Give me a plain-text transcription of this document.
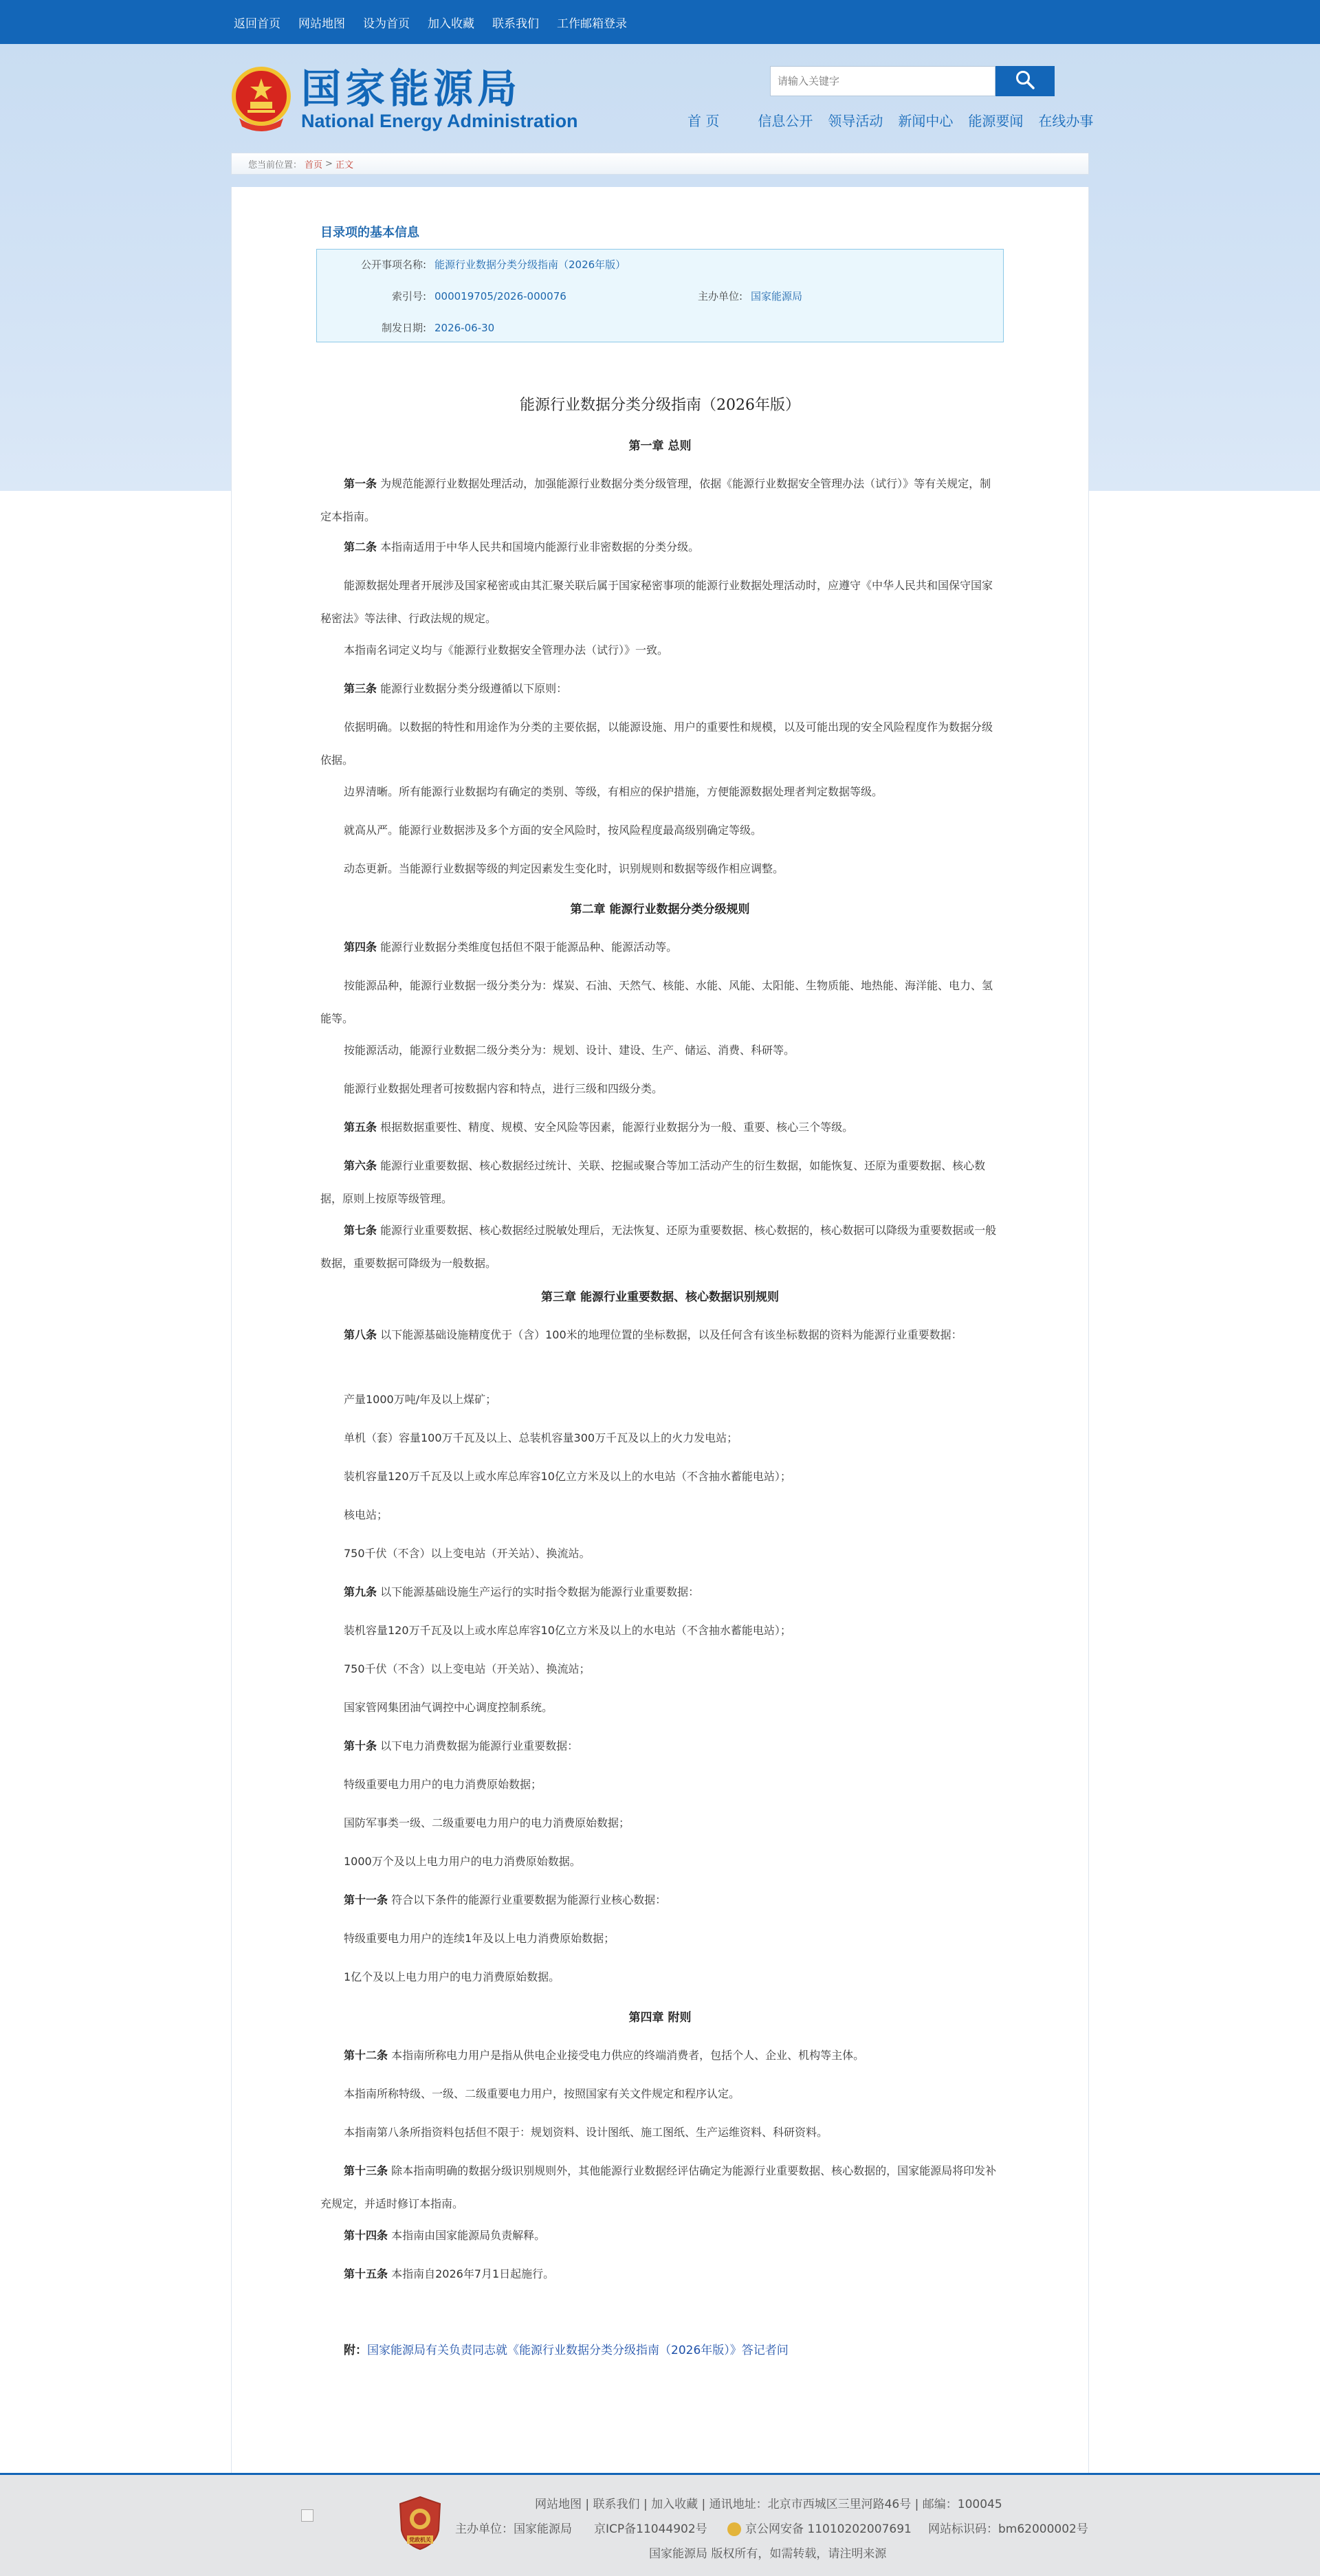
返回首页 网站地图 设为首页 加入收藏 联系我们 工作邮箱登录
国家能源局
National Energy Administration
请输入关键字	首 页	信息公开 领导活动 新闻中心 能源要闻 在线办事
您当前位置： 首页 > 正文
目录项的基本信息
公开事项名称: 能源行业数据分类分级指南（2026年版）
索引号: 000019705/2026-000076	主办单位: 国家能源局
制发日期: 2026-06-30
能源行业数据分类分级指南（2026年版）
第一章 总则
第一条 为规范能源行业数据处理活动，加强能源行业数据分类分级管理，依据《能源行业数据安全管理办法（试行）》等有关规定，制定本指南。
第二条 本指南适用于中华人民共和国境内能源行业非密数据的分类分级。
能源数据处理者开展涉及国家秘密或由其汇聚关联后属于国家秘密事项的能源行业数据处理活动时，应遵守《中华人民共和国保守国家秘密法》等法律、行政法规的规定。
本指南名词定义均与《能源行业数据安全管理办法（试行）》一致。
第三条 能源行业数据分类分级遵循以下原则：
依据明确。以数据的特性和用途作为分类的主要依据，以能源设施、用户的重要性和规模，以及可能出现的安全风险程度作为数据分级依据。
边界清晰。所有能源行业数据均有确定的类别、等级，有相应的保护措施，方便能源数据处理者判定数据等级。
就高从严。能源行业数据涉及多个方面的安全风险时，按风险程度最高级别确定等级。
动态更新。当能源行业数据等级的判定因素发生变化时，识别规则和数据等级作相应调整。
第二章 能源行业数据分类分级规则
第四条 能源行业数据分类维度包括但不限于能源品种、能源活动等。
按能源品种，能源行业数据一级分类分为：煤炭、石油、天然气、核能、水能、风能、太阳能、生物质能、地热能、海洋能、电力、氢能等。
按能源活动，能源行业数据二级分类分为：规划、设计、建设、生产、储运、消费、科研等。
能源行业数据处理者可按数据内容和特点，进行三级和四级分类。
第五条 根据数据重要性、精度、规模、安全风险等因素，能源行业数据分为一般、重要、核心三个等级。
第六条 能源行业重要数据、核心数据经过统计、关联、挖掘或聚合等加工活动产生的衍生数据，如能恢复、还原为重要数据、核心数据，原则上按原等级管理。
第七条 能源行业重要数据、核心数据经过脱敏处理后，无法恢复、还原为重要数据、核心数据的，核心数据可以降级为重要数据或一般数据，重要数据可降级为一般数据。
第三章 能源行业重要数据、核心数据识别规则
第八条 以下能源基础设施精度优于（含）100米的地理位置的坐标数据，以及任何含有该坐标数据的资料为能源行业重要数据：
产量1000万吨/年及以上煤矿；
单机（套）容量100万千瓦及以上、总装机容量300万千瓦及以上的火力发电站；
装机容量120万千瓦及以上或水库总库容10亿立方米及以上的水电站（不含抽水蓄能电站）；
核电站；
750千伏（不含）以上变电站（开关站）、换流站。
第九条 以下能源基础设施生产运行的实时指令数据为能源行业重要数据：
装机容量120万千瓦及以上或水库总库容10亿立方米及以上的水电站（不含抽水蓄能电站）；
750千伏（不含）以上变电站（开关站）、换流站；
国家管网集团油气调控中心调度控制系统。
第十条 以下电力消费数据为能源行业重要数据：
特级重要电力用户的电力消费原始数据；
国防军事类一级、二级重要电力用户的电力消费原始数据；
1000万个及以上电力用户的电力消费原始数据。
第十一条 符合以下条件的能源行业重要数据为能源行业核心数据：
特级重要电力用户的连续1年及以上电力消费原始数据；
1亿个及以上电力用户的电力消费原始数据。
第四章 附则
第十二条 本指南所称电力用户是指从供电企业接受电力供应的终端消费者，包括个人、企业、机构等主体。
本指南所称特级、一级、二级重要电力用户，按照国家有关文件规定和程序认定。
本指南第八条所指资料包括但不限于：规划资料、设计图纸、施工图纸、生产运维资料、科研资料。
第十三条 除本指南明确的数据分级识别规则外，其他能源行业数据经评估确定为能源行业重要数据、核心数据的，国家能源局将印发补充规定，并适时修订本指南。
第十四条 本指南由国家能源局负责解释。
第十五条 本指南自2026年7月1日起施行。
附：国家能源局有关负责同志就《能源行业数据分类分级指南（2026年版）》答记者问
党政机关
网站地图 | 联系我们 | 加入收藏 | 通讯地址：北京市西城区三里河路46号 | 邮编：100045
主办单位：国家能源局 京ICP备11044902号	京公网安备 11010202007691 网站标识码：bm62000002号
国家能源局 版权所有，如需转载，请注明来源
